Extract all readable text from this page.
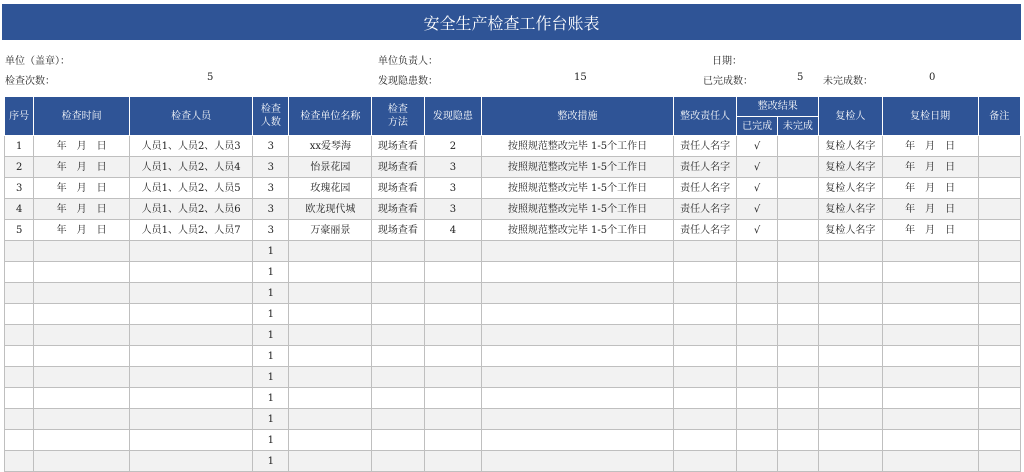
安全生产检查工作台账表
单位（盖章）：	单位负责人：	日期：
检查次数：	5	发现隐患数：	15	已完成数：	5 未完成数：	0
序号	检查时间	检查人员	检查人数	检查单位名称	检查方法	发现隐患	整改措施	整改责任人	整改结果		复检人	复检日期	备注
									已完成	未完成			
1	年　月　日	人员1、人员2、人员3	3	xx爱琴海	现场查看	2	按照规范整改完毕 1-5个工作日	责任人名字	√		复检人名字	年　月　日	
2	年　月　日	人员1、人员2、人员4	3	怡景花园	现场查看	3	按照规范整改完毕 1-5个工作日	责任人名字	√		复检人名字	年　月　日	
3	年　月　日	人员1、人员2、人员5	3	玫瑰花园	现场查看	3	按照规范整改完毕 1-5个工作日	责任人名字	√		复检人名字	年　月　日	
4	年　月　日	人员1、人员2、人员6	3	欧龙现代城	现场查看	3	按照规范整改完毕 1-5个工作日	责任人名字	√		复检人名字	年　月　日	
5	年　月　日	人员1、人员2、人员7	3	万豪丽景	现场查看	4	按照规范整改完毕 1-5个工作日	责任人名字	√		复检人名字	年　月　日	
			1										
			1										
			1										
			1										
			1										
			1										
			1										
			1										
			1										
			1										
			1										
